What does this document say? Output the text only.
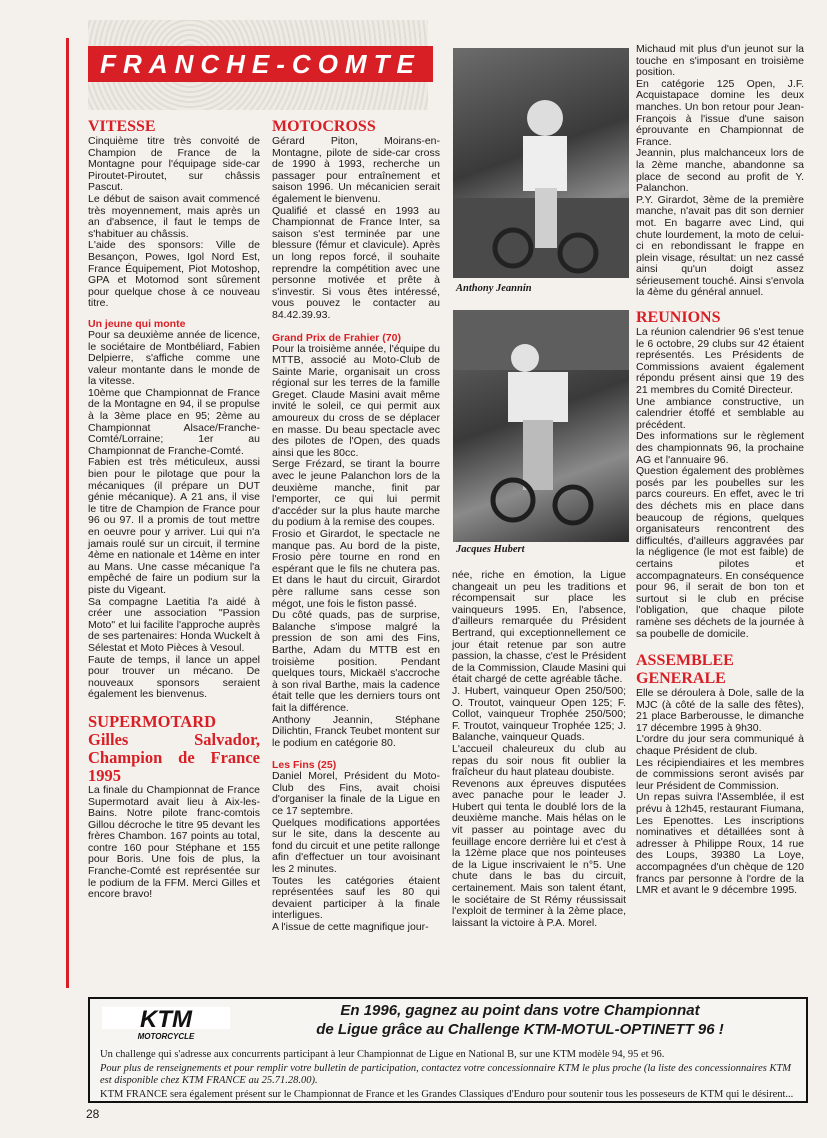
FRANCHE-COMTE
VITESSE

Cinquième titre très convoité de Champion de France de la Montagne pour l'équipage side-car Piroutet-Piroutet, sur châssis Pascut.

Le début de saison avait commencé très moyennement, mais après un an d'absence, il faut le temps de s'habituer au châssis.

L'aide des sponsors: Ville de Besançon, Powes, Igol Nord Est, France Équipement, Piot Motoshop, GPA et Motomod sont sûrement pour quelque chose à ce nouveau titre.

Un jeune qui monte

Pour sa deuxième année de licence, le sociétaire de Montbéliard, Fabien Delpierre, s'affiche comme une valeur montante dans le monde de la vitesse.

10ème que Championnat de France de la Montagne en 94, il se propulse à la 3ème place en 95; 2ème au Championnat Alsace/Franche-Comté/Lorraine; 1er au Championnat de Franche-Comté.

Fabien est très méticuleux, aussi bien pour le pilotage que pour la mécaniques (il prépare un DUT génie mécanique). A 21 ans, il vise le titre de Champion de France pour 96 ou 97. Il a promis de tout mettre en oeuvre pour y arriver. Lui qui n'a jamais roulé sur un circuit, il termine 4ème en nationale et 14ème en inter au Mans. Une casse mécanique l'a empêché de faire un podium sur la piste du Vigeant.

Sa compagne Laetitia l'a aidé à créer une association "Passion Moto" et lui facilite l'approche auprès de ses partenaires: Honda Wuckelt à Sélestat et Moto Pièces à Vesoul.

Faute de temps, il lance un appel pour trouver un mécano. De nouveaux sponsors seraient également les bienvenus.

SUPERMOTARD
Gilles Salvador, Champion de France 1995

La finale du Championnat de France Supermotard avait lieu à Aix-les-Bains. Notre pilote franc-comtois Gillou décroche le titre 95 devant les frères Chambon. 167 points au total, contre 160 pour Stéphane et 155 pour Boris. Une fois de plus, la Franche-Comté est représentée sur le podium de la FFM. Merci Gilles et encore bravo!

MOTOCROSS

Gérard Piton, Moirans-en-Montagne, pilote de side-car cross de 1990 à 1993, recherche un passager pour entraînement et saison 1996. Un mécanicien serait également le bienvenu.

Qualifié et classé en 1993 au Championnat de France Inter, sa saison s'est terminée par une blessure (fémur et clavicule). Après un long repos forcé, il souhaite reprendre la compétition avec une personne motivée et prête à s'investir. Si vous êtes intéressé, vous pouvez le contacter au 84.42.39.93.

Grand Prix de Frahier (70)

Pour la troisième année, l'équipe du MTTB, associé au Moto-Club de Sainte Marie, organisait un cross régional sur les terres de la famille Greget. Claude Masini avait même invité le soleil, ce qui permit aux amoureux du cross de se déplacer en masse. Du beau spectacle avec des pilotes de l'Open, des quads ainsi que les 80cc.

Serge Frézard, se tirant la bourre avec le jeune Palanchon lors de la deuxième manche, finit par l'emporter, ce qui lui permit d'accéder sur la plus haute marche du podium à la remise des coupes.

Frosio et Girardot, le spectacle ne manque pas. Au bord de la piste, Frosio père tourne en rond en espérant que le fils ne chutera pas. Et dans le haut du circuit, Girardot père rallume sans cesse son mégot, une fois le fiston passé.

Du côté quads, pas de surprise, Balanche s'impose malgré la pression de son ami des Fins, Barthe, Adam du MTTB est en troisième position. Pendant quelques tours, Mickaël s'accroche à son rival Barthe, mais la cadence était telle que les derniers tours ont fait la différence.

Anthony Jeannin, Stéphane Dilichtin, Franck Teubet montent sur le podium en catégorie 80.

Les Fins (25)

Daniel Morel, Président du Moto-Club des Fins, avait choisi d'organiser la finale de la Ligue en ce 17 septembre.

Quelques modifications apportées sur le site, dans la descente au fond du circuit et une petite rallonge afin d'effectuer un tour avoisinant les 2 minutes.

Toutes les catégories étaient représentées sauf les 80 qui devaient participer à la finale interligues.

A l'issue de cette magnifique jour-

Anthony Jeannin
Jacques Hubert

née, riche en émotion, la Ligue changeait un peu les traditions et récompensait sur place les vainqueurs 1995. En, l'absence, d'ailleurs remarquée du Président Bertrand, qui exceptionnellement ce jour était retenue par son autre passion, la chasse, c'est le Président de la Commission, Claude Masini qui était chargé de cette agréable tâche.

J. Hubert, vainqueur Open 250/500; O. Troutot, vainqueur Open 125; F. Collot, vainqueur Trophée 250/500; F. Troutot, vainqueur Trophée 125; J. Balanche, vainqueur Quads.

L'accueil chaleureux du club au repas du soir nous fit oublier la fraîcheur du haut plateau doubiste.

Revenons aux épreuves disputées avec panache pour le leader J. Hubert qui tenta le doublé lors de la deuxième manche. Mais hélas on le vit passer au pointage avec du feuillage encore derrière lui et c'est à la 12ème place que nos pointeuses de la Ligue inscrivaient le n°5. Une chute dans le bas du circuit, certainement. Mais son talent étant, le sociétaire de St Rémy réussissait l'exploit de terminer à la 2ème place, laissant la victoire à P.A. Morel.

Michaud mit plus d'un jeunot sur la touche en s'imposant en troisième position.

En catégorie 125 Open, J.F. Acquistapace domine les deux manches. Un bon retour pour Jean-François à l'issue d'une saison éprouvante en Championnat de France.

Jeannin, plus malchanceux lors de la 2ème manche, abandonne sa place de second au profit de Y. Palanchon.

P.Y. Girardot, 3ème de la première manche, n'avait pas dit son dernier mot. En bagarre avec Lind, qui chute lourdement, la moto de celui-ci en rebondissant le frappe en plein visage, résultat: un nez cassé ainsi qu'un doigt assez sérieusement touché. Ainsi s'envola la 4ème du général annuel.

REUNIONS

La réunion calendrier 96 s'est tenue le 6 octobre, 29 clubs sur 42 étaient représentés. Les Présidents de Commissions avaient également répondu présent ainsi que 19 des 21 membres du Comité Directeur.

Une ambiance constructive, un calendrier étoffé et semblable au précédent.

Des informations sur le règlement des championnats 96, la prochaine AG et l'annuaire 96.

Question également des problèmes posés par les poubelles sur les parcs coureurs. En effet, avec le tri des déchets mis en place dans beaucoup de régions, quelques organisateurs rencontrent des difficultés, d'ailleurs aggravées par la négligence (le mot est faible) de certains pilotes et accompagnateurs. En conséquence pour 96, il serait de bon ton et surtout si le club en précise l'obligation, que chaque pilote ramène ses déchets de la journée à sa poubelle de domicile.

ASSEMBLEE GENERALE

Elle se déroulera à Dole, salle de la MJC (à côté de la salle des fêtes), 21 place Barberousse, le dimanche 17 décembre 1995 à 9h30.

L'ordre du jour sera communiqué à chaque Président de club.

Les récipiendiaires et les membres de commissions seront avisés par leur Président de Commission.

Un repas suivra l'Assemblée, il est prévu à 12h45, restaurant Fiumana, Les Epenottes. Les inscriptions nominatives et détaillées sont à adresser à Philippe Roux, 14 rue des Loups, 39380 La Loye, accompagnées d'un chèque de 120 francs par personne à l'ordre de la LMR et avant le 9 décembre 1995.

KTM
MOTORCYCLE
En 1996, gagnez au point dans votre Championnat
de Ligue grâce au Challenge KTM-MOTUL-OPTINETT 96 !

Un challenge qui s'adresse aux concurrents participant à leur Championnat de Ligue en National B, sur une KTM modèle 94, 95 et 96.

Pour plus de renseignements et pour remplir votre bulletin de participation, contactez votre concessionnaire KTM le plus proche (la liste des concessionnaires KTM est disponible chez KTM FRANCE au 25.71.28.00).

KTM FRANCE sera également présent sur le Championnat de France et les Grandes Classiques d'Enduro pour soutenir tous les posseseurs de KTM qui le désirent...

28
